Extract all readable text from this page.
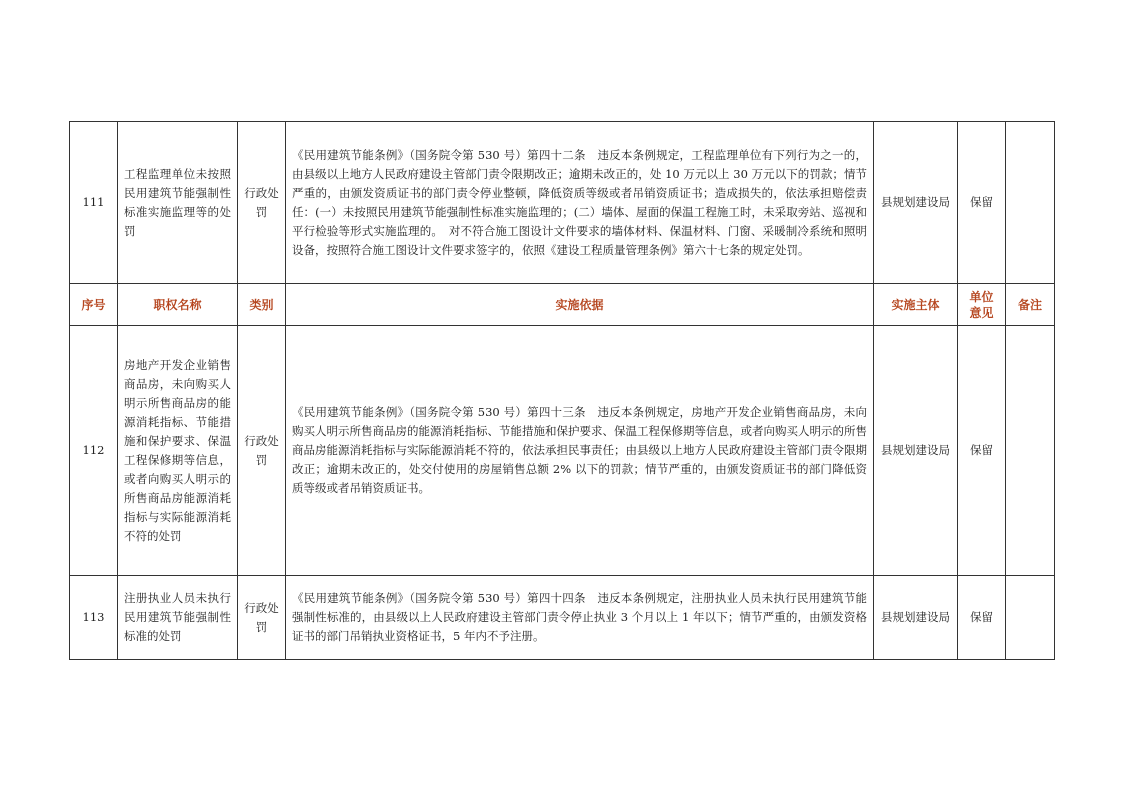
111	工程监理单位未按照民用建筑节能强制性标准实施监理等的处罚	行政处罚	《民用建筑节能条例》（国务院令第 530 号）第四十二条　违反本条例规定，工程监理单位有下列行为之一的，由县级以上地方人民政府建设主管部门责令限期改正；逾期未改正的，处 10 万元以上 30 万元以下的罚款；情节严重的，由颁发资质证书的部门责令停业整顿，降低资质等级或者吊销资质证书；造成损失的，依法承担赔偿责任：(一）未按照民用建筑节能强制性标准实施监理的；(二）墙体、屋面的保温工程施工时，未采取旁站、巡视和平行检验等形式实施监理的。　对不符合施工图设计文件要求的墙体材料、保温材料、门窗、采暖制冷系统和照明设备，按照符合施工图设计文件要求签字的，依照《建设工程质量管理条例》第六十七条的规定处罚。	县规划建设局	保留	
序号	职权名称	类别	实施依据	实施主体	单位意见	备注
112	房地产开发企业销售商品房，未向购买人明示所售商品房的能源消耗指标、节能措施和保护要求、保温工程保修期等信息，或者向购买人明示的所售商品房能源消耗指标与实际能源消耗不符的处罚	行政处罚	《民用建筑节能条例》（国务院令第 530 号）第四十三条　违反本条例规定，房地产开发企业销售商品房，未向购买人明示所售商品房的能源消耗指标、节能措施和保护要求、保温工程保修期等信息，或者向购买人明示的所售商品房能源消耗指标与实际能源消耗不符的，依法承担民事责任；由县级以上地方人民政府建设主管部门责令限期改正；逾期未改正的，处交付使用的房屋销售总额 2% 以下的罚款；情节严重的，由颁发资质证书的部门降低资质等级或者吊销资质证书。	县规划建设局	保留	
113	注册执业人员未执行民用建筑节能强制性标准的处罚	行政处罚	《民用建筑节能条例》（国务院令第 530 号）第四十四条　违反本条例规定，注册执业人员未执行民用建筑节能强制性标准的，由县级以上人民政府建设主管部门责令停止执业 3 个月以上 1 年以下；情节严重的，由颁发资格证书的部门吊销执业资格证书，5 年内不予注册。	县规划建设局	保留	
